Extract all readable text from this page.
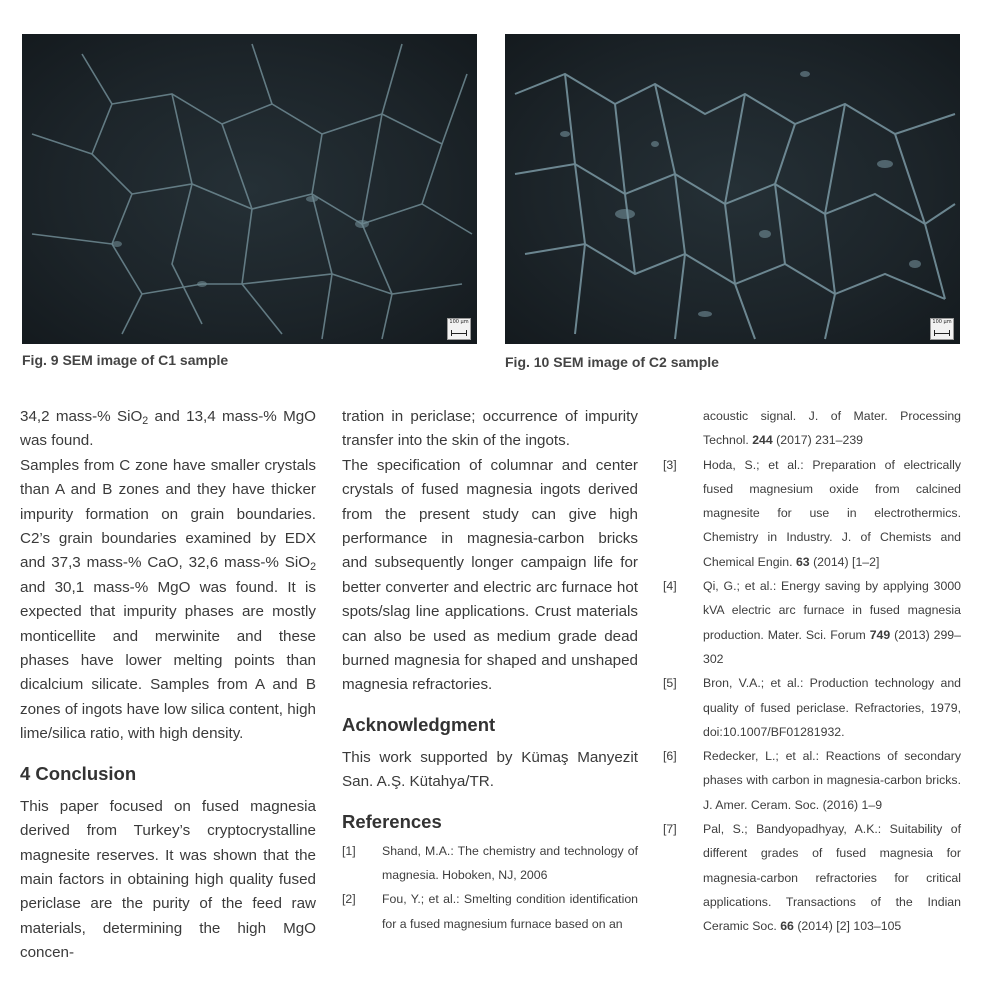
100 µm
Fig. 9 SEM image of C1 sample
100 µm
Fig. 10 SEM image of C2 sample

34,2 mass-% SiO$_2$ and 13,4 mass-% MgO was found.

Samples from C zone have smaller crystals than A and B zones and they have thicker impurity formation on grain boundaries. C2’s grain boundaries examined by EDX and 37,3 mass-% CaO, 32,6 mass-% SiO$_2$ and 30,1 mass-% MgO was found. It is expected that impurity phases are mostly monticellite and merwinite and these phases have lower melting points than dicalcium silicate. Samples from A and B zones of ingots have low silica content, high lime/silica ratio, with high density.

4 Conclusion

This paper focused on fused magnesia derived from Turkey’s cryptocrystalline magnesite reserves. It was shown that the main factors in obtaining high quality fused periclase are the purity of the feed raw materials, determining the high MgO concen-

tration in periclase; occurrence of impurity transfer into the skin of the ingots.

The specification of columnar and center crystals of fused magnesia ingots derived from the present study can give high performance in magnesia-carbon bricks and subsequently longer campaign life for better converter and electric arc furnace hot spots/slag line applications. Crust materials can also be used as medium grade dead burned magnesia for shaped and unshaped magnesia refractories.

Acknowledgment

This work supported by Kümaş Manyezit San. A.Ş. Kütahya/TR.

References
[1] Shand, M.A.: The chemistry and technology of magnesia. Hoboken, NJ, 2006
[2] Fou, Y.; et al.: Smelting condition identification for a fused magnesium furnace based on an
acoustic signal. J. of Mater. Processing Technol. 244 (2017) 231–239
[3] Hoda, S.; et al.: Preparation of electrically fused magnesium oxide from calcined magnesite for use in electrothermics. Chemistry in Industry. J. of Chemists and Chemical Engin. 63 (2014) [1–2]
[4] Qi, G.; et al.: Energy saving by applying 3000 kVA electric arc furnace in fused magnesia production. Mater. Sci. Forum 749 (2013) 299–302
[5] Bron, V.A.; et al.: Production technology and quality of fused periclase. Refractories, 1979, doi:10.1007/BF01281932.
[6] Redecker, L.; et al.: Reactions of secondary phases with carbon in magnesia-carbon bricks. J. Amer. Ceram. Soc. (2016) 1–9
[7] Pal, S.; Bandyopadhyay, A.K.: Suitability of different grades of fused magnesia for magnesia-carbon refractories for critical applications. Transactions of the Indian Ceramic Soc. 66 (2014) [2] 103–105
